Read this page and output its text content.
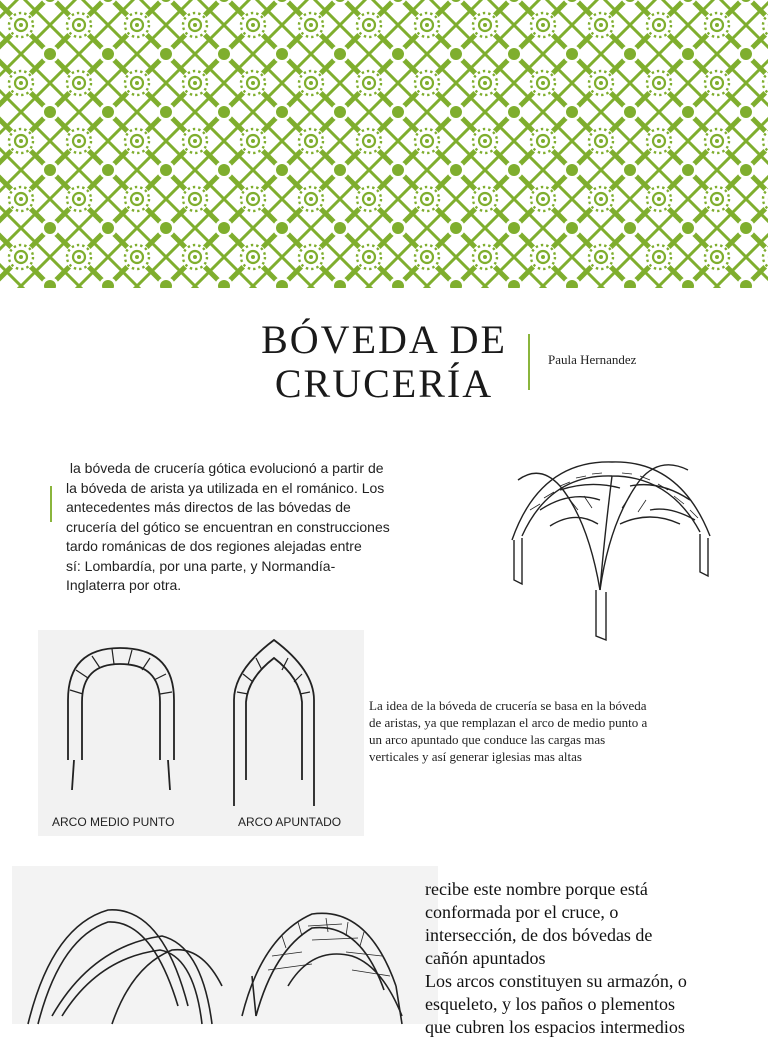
BÓVEDA DE
CRUCERÍA
Paula Hernandez
la bóveda de crucería gótica evolucionó a partir de
la bóveda de arista ya utilizada en el románico. Los
antecedentes más directos de las bóvedas de
crucería del gótico se encuentran en construcciones
tardo románicas de dos regiones alejadas entre
sí: Lombardía, por una parte, y Normandía-
Inglaterra por otra.
ARCO MEDIO PUNTO	ARCO APUNTADO
La idea de la bóveda de crucería se basa en la bóveda
de aristas, ya que remplazan el arco de medio punto a
un arco apuntado que conduce las cargas mas
verticales y así generar iglesias mas altas
recibe este nombre porque está
conformada por el cruce, o
intersección, de dos bóvedas de
cañón apuntados
Los arcos constituyen su armazón, o
esqueleto, y los paños o plementos
que cubren los espacios intermedios
